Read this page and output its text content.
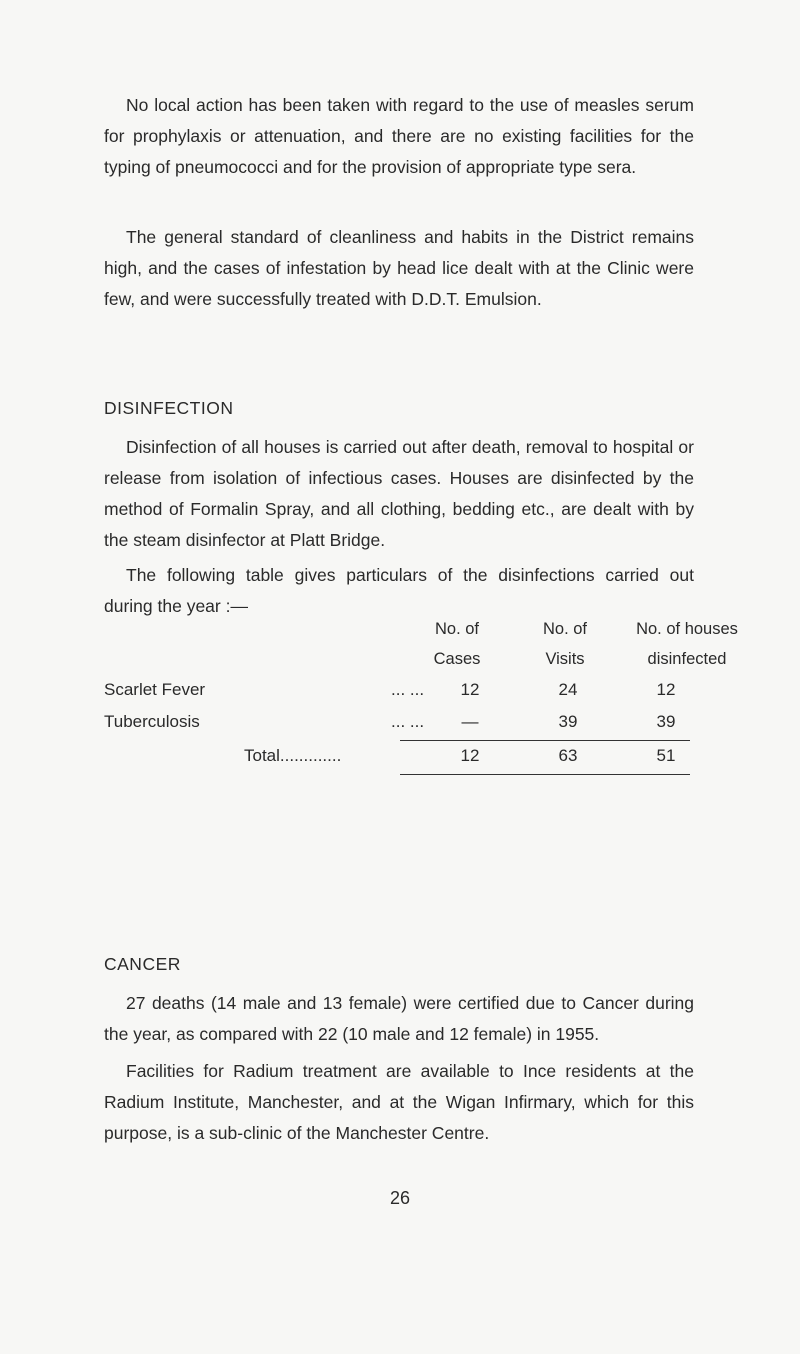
No local action has been taken with regard to the use of measles serum for prophylaxis or attenuation, and there are no existing facilities for the typing of pneumococci and for the provision of appropriate type sera.

The general standard of cleanliness and habits in the District remains high, and the cases of infestation by head lice dealt with at the Clinic were few, and were successfully treated with D.D.T. Emulsion.

DISINFECTION

Disinfection of all houses is carried out after death, removal to hospital or release from isolation of infectious cases. Houses are disinfected by the method of Formalin Spray, and all clothing, bedding etc., are dealt with by the steam disinfector at Platt Bridge.

The following table gives particulars of the disinfections carried out during the year :—

No. of
Cases
No. of
Visits
No. of houses
disinfected
Scarlet Fever	... ...	12	24	12
Tuberculosis	... ...	—	39	39
Total.............	12	63	51
CANCER

27 deaths (14 male and 13 female) were certified due to Cancer during the year, as compared with 22 (10 male and 12 female) in 1955.

Facilities for Radium treatment are available to Ince residents at the Radium Institute, Manchester, and at the Wigan Infirmary, which for this purpose, is a sub-clinic of the Manchester Centre.

26
